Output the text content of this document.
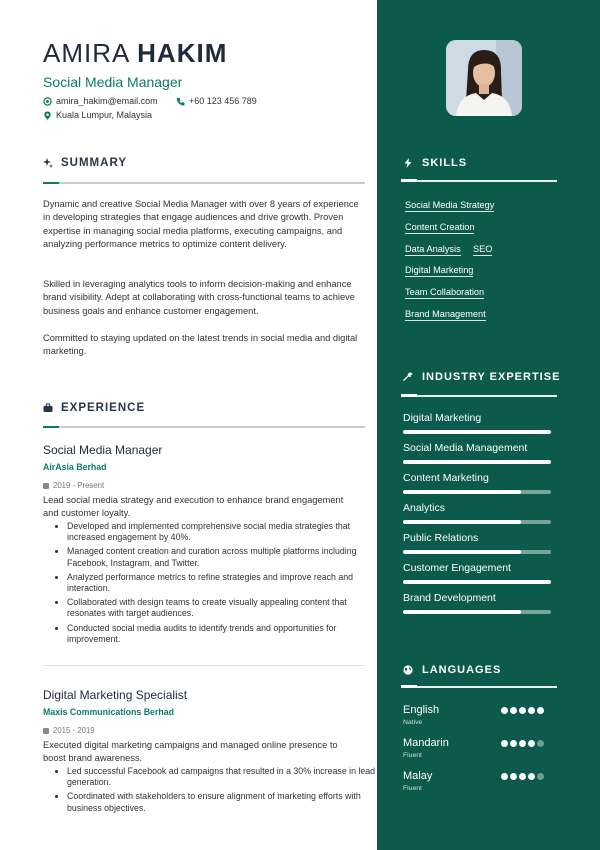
AMIRA HAKIM
Social Media Manager
amira_hakim@email.com	+60 123 456 789
Kuala Lumpur, Malaysia
SUMMARY
Dynamic and creative Social Media Manager with over 8 years of experience in developing strategies that engage audiences and drive growth. Proven expertise in managing social media platforms, executing campaigns, and analyzing performance metrics to optimize content delivery.
Skilled in leveraging analytics tools to inform decision-making and enhance brand visibility. Adept at collaborating with cross-functional teams to achieve business goals and enhance customer engagement.
Committed to staying updated on the latest trends in social media and digital marketing.
EXPERIENCE
Social Media Manager
AirAsia Berhad
2019 - Present
Lead social media strategy and execution to enhance brand engagement and customer loyalty.
• Developed and implemented comprehensive social media strategies that increased engagement by 40%.
• Managed content creation and curation across multiple platforms including Facebook, Instagram, and Twitter.
• Analyzed performance metrics to refine strategies and improve reach and interaction.
• Collaborated with design teams to create visually appealing content that resonates with target audiences.
• Conducted social media audits to identify trends and opportunities for improvement.
Digital Marketing Specialist
Maxis Communications Berhad
2015 - 2019
Executed digital marketing campaigns and managed online presence to boost brand awareness.
• Led successful Facebook ad campaigns that resulted in a 30% increase in lead generation.
• Coordinated with stakeholders to ensure alignment of marketing efforts with business objectives.
SKILLS
Social Media Strategy
Content Creation
Data Analysis SEO
Digital Marketing
Team Collaboration
Brand Management
INDUSTRY EXPERTISE
Digital Marketing
Social Media Management
Content Marketing
Analytics
Public Relations
Customer Engagement
Brand Development
LANGUAGES
English
Native
Mandarin
Fluent
Malay
Fluent
